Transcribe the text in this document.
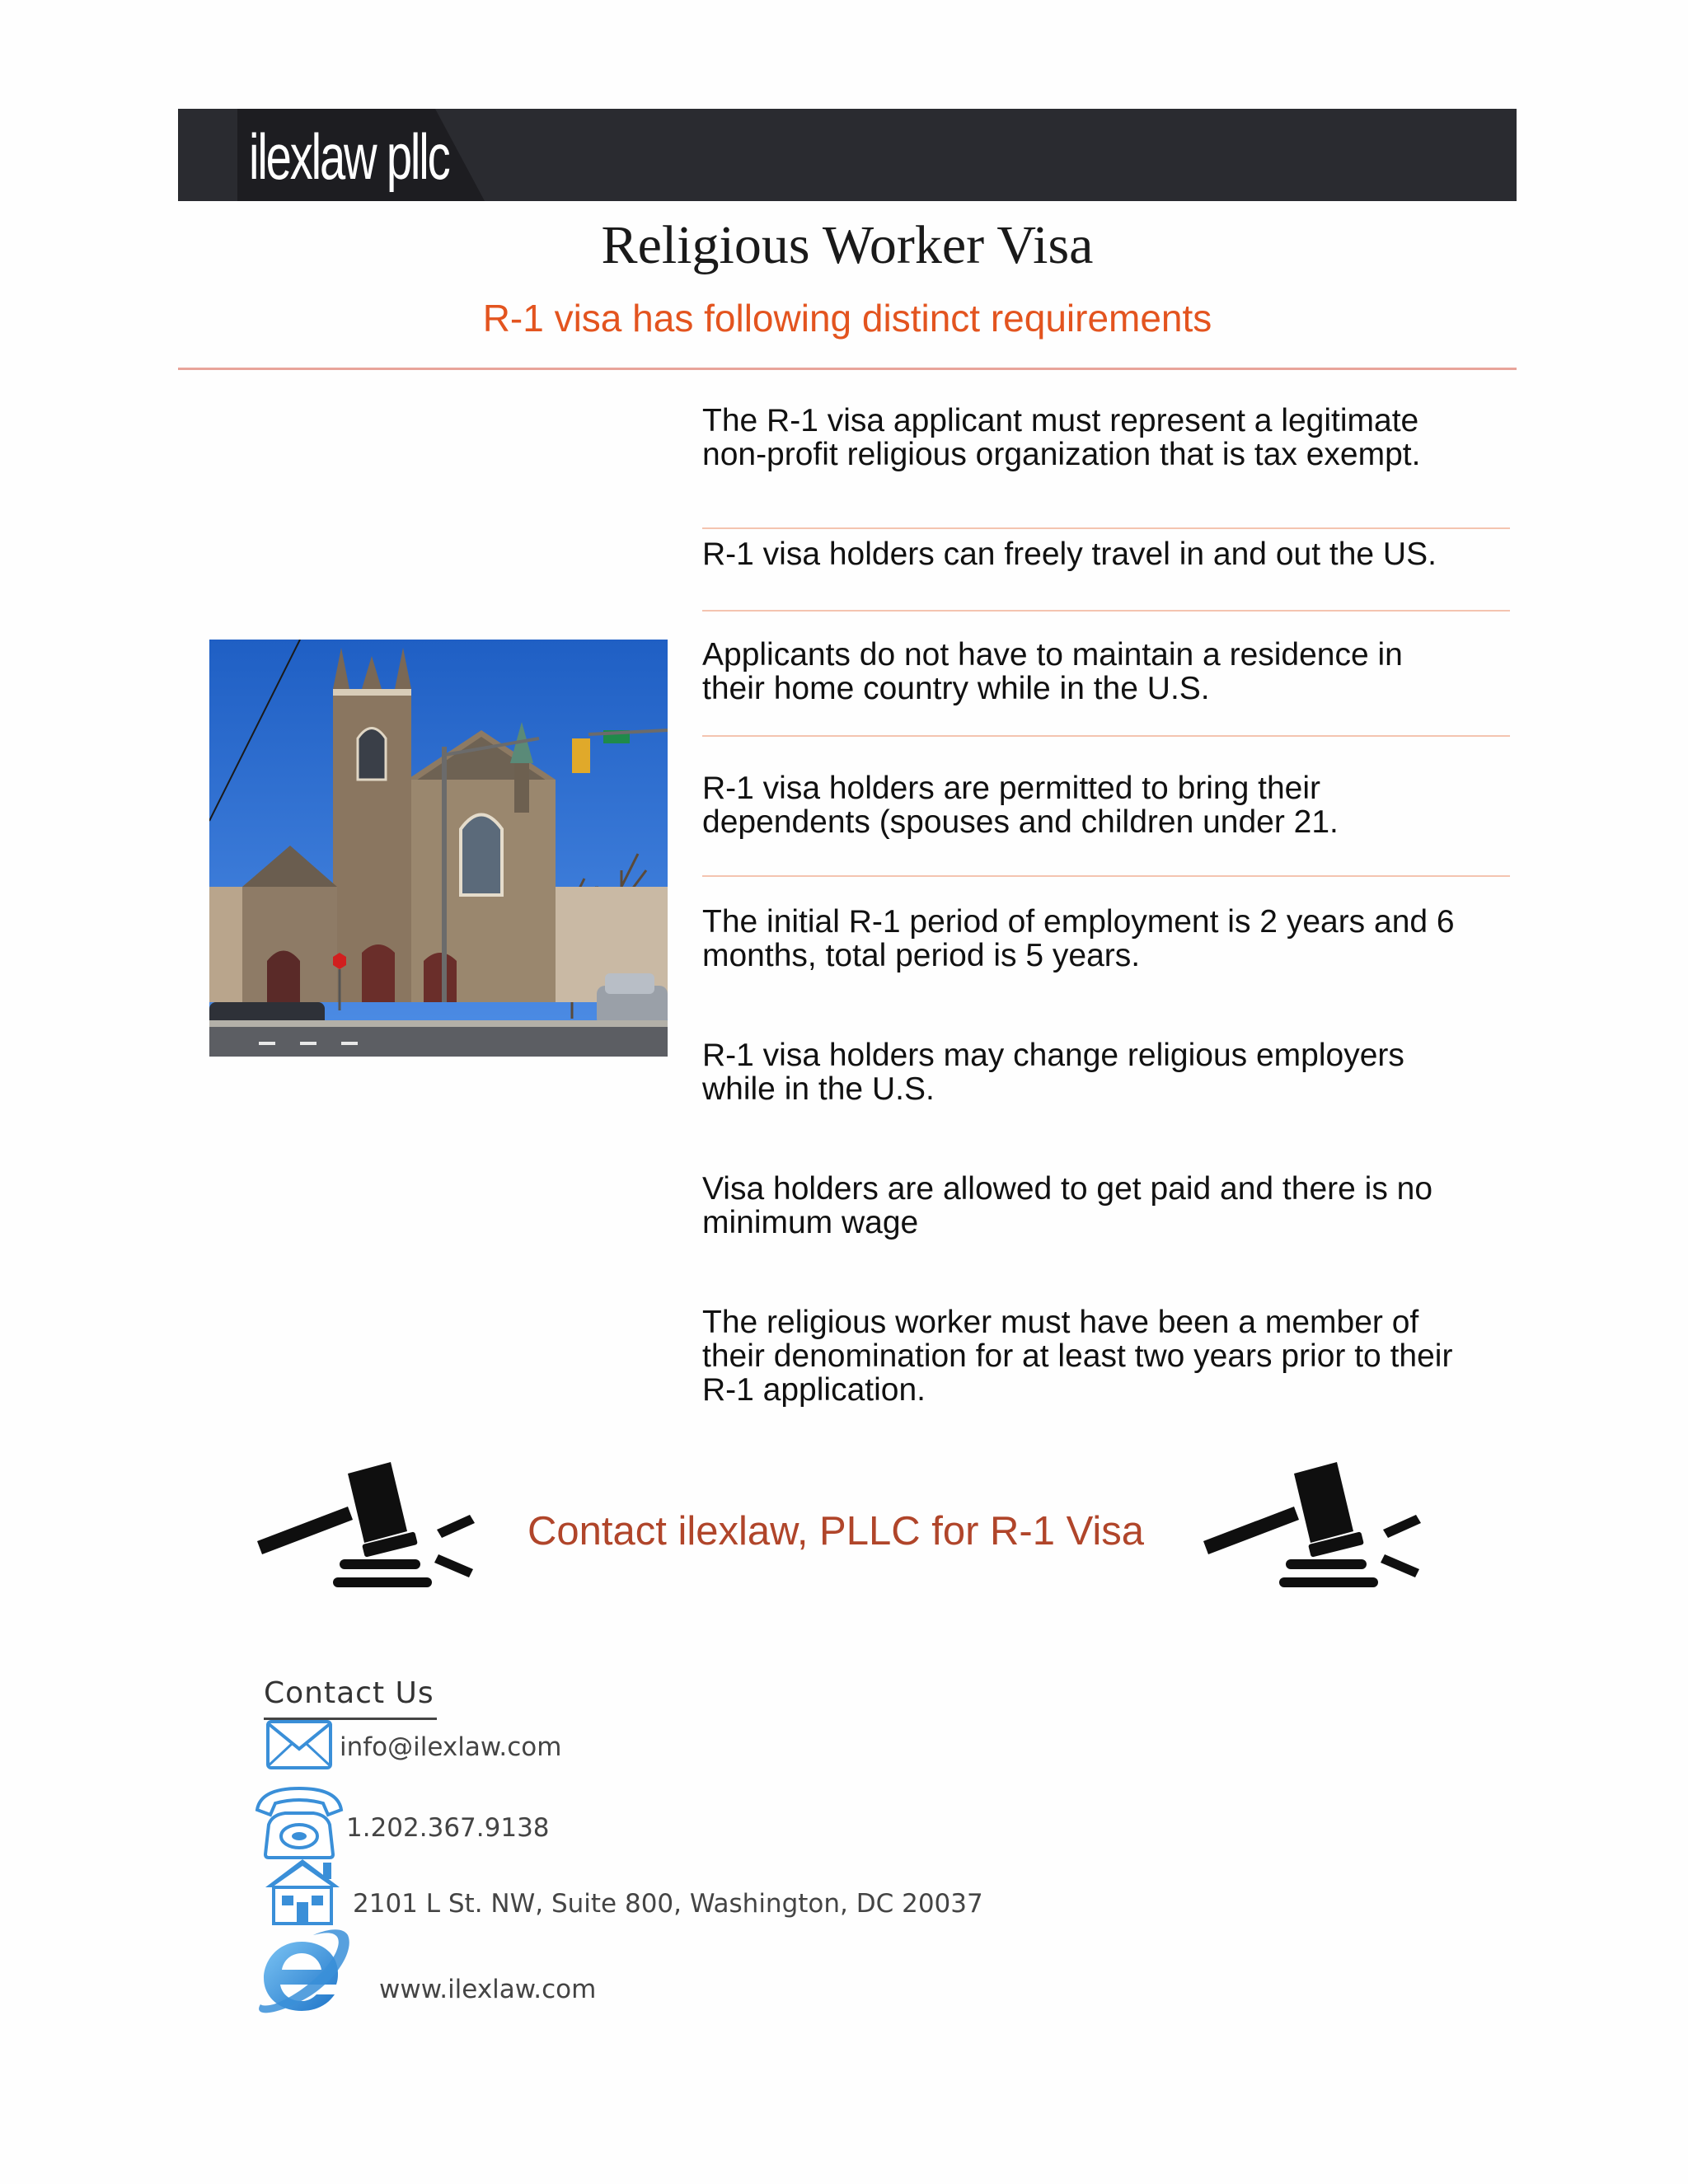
ilexlaw pllc
Religious Worker Visa
R-1 visa has following distinct requirements
The R-1 visa applicant must represent a legitimate
non-profit religious organization that is tax exempt.
R-1 visa holders can freely travel in and out the US.
Applicants do not have to maintain a residence in
their home country while in the U.S.
R-1 visa holders are permitted to bring their
dependents (spouses and children under 21.
The initial R-1 period of employment is 2 years and 6
months, total period is 5 years.
R-1 visa holders may change religious employers
while in the U.S.
Visa holders are allowed to get paid and there is no
minimum wage
The religious worker must have been a member of
their denomination for at least two years prior to their
R-1 application.
Contact ilexlaw, PLLC for R-1 Visa
Contact Us
info@ilexlaw.com
1.202.367.9138
2101 L St. NW, Suite 800, Washington, DC 20037
www.ilexlaw.com
